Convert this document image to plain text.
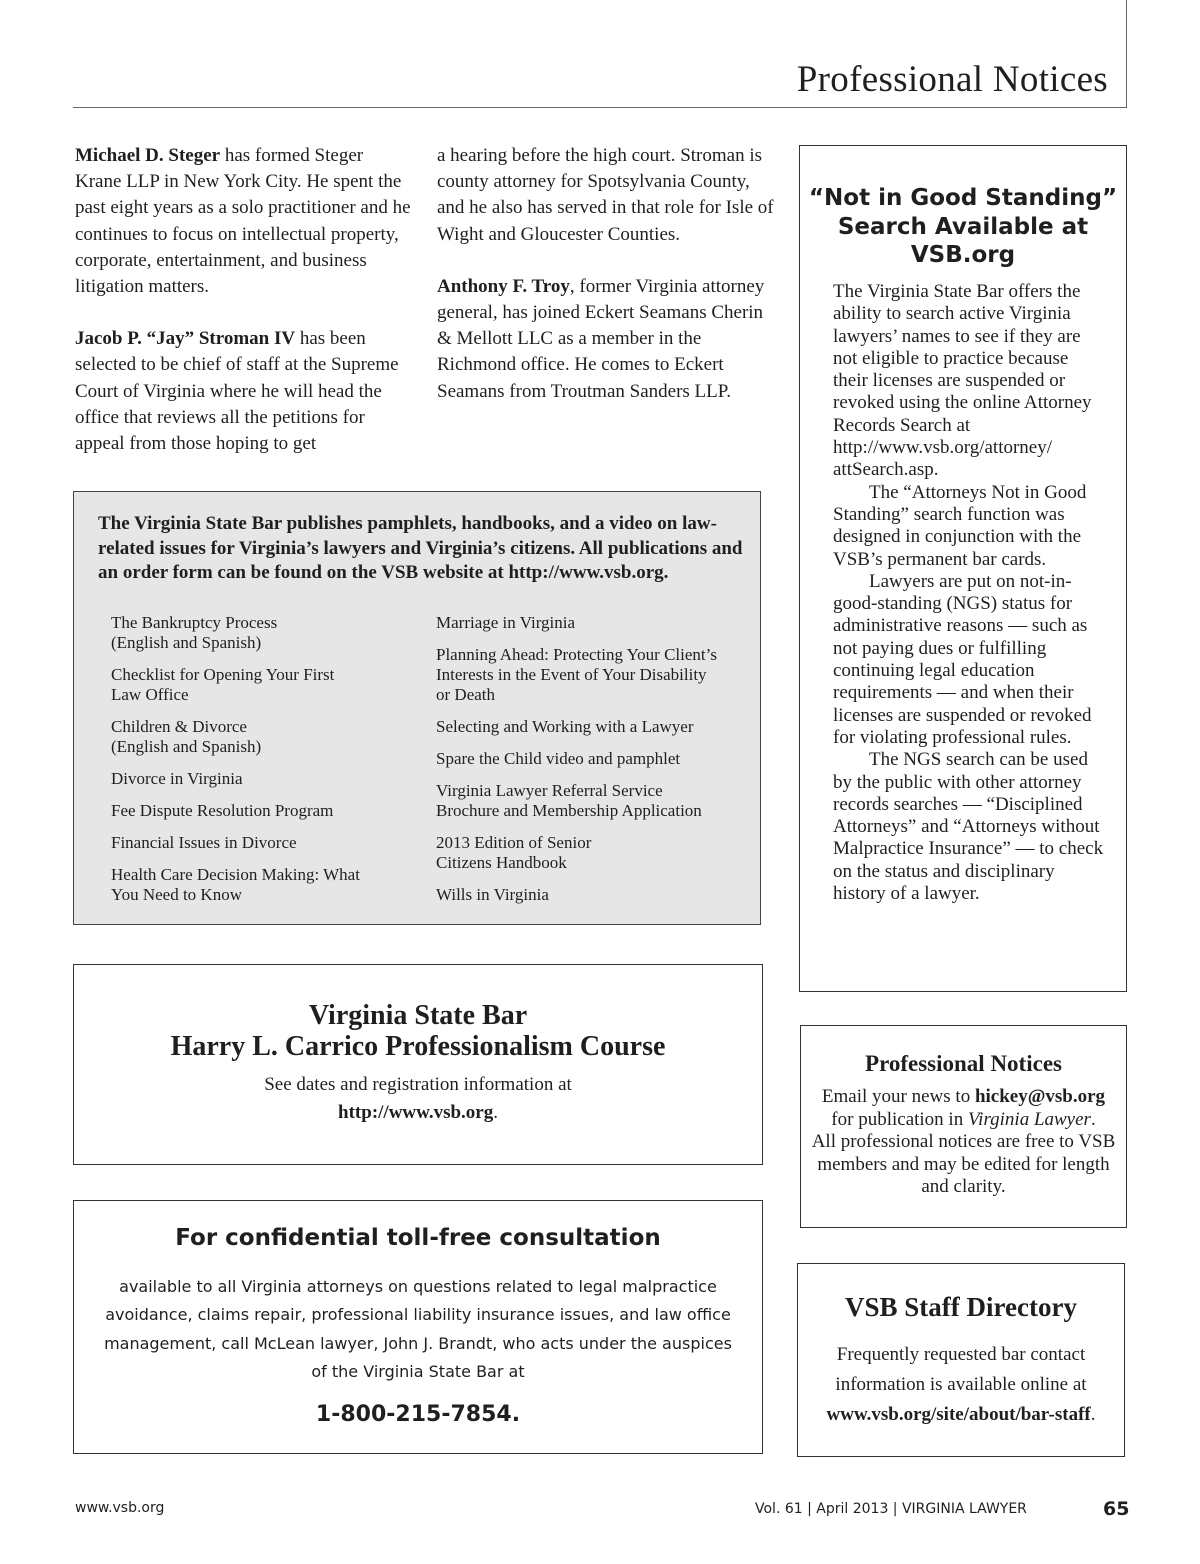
Professional Notices

Michael D. Steger has formed Steger Krane LLP in New York City. He spent the past eight years as a solo practitioner and he continues to focus on intellectual property, corporate, entertainment, and business litigation matters.

Jacob P. “Jay” Stroman IV has been selected to be chief of staff at the Supreme Court of Virginia where he will head the office that reviews all the petitions for appeal from those hoping to get

a hearing before the high court. Stroman is county attorney for Spotsylvania County, and he also has served in that role for Isle of Wight and Gloucester Counties.

Anthony F. Troy, former Virginia attorney general, has joined Eckert Seamans Cherin & Mellott LLC as a member in the Richmond office. He comes to Eckert Seamans from Troutman Sanders LLP.

The Virginia State Bar publishes pamphlets, handbooks, and a video on law-related issues for Virginia’s lawyers and Virginia’s citizens. All publications and an order form can be found on the VSB website at http://www.vsb.org.
The Bankruptcy Process
(English and Spanish)
Checklist for Opening Your First
Law Office
Children & Divorce
(English and Spanish)
Divorce in Virginia
Fee Dispute Resolution Program
Financial Issues in Divorce
Health Care Decision Making: What
You Need to Know
Marriage in Virginia
Planning Ahead: Protecting Your Client’s
Interests in the Event of Your Disability
or Death
Selecting and Working with a Lawyer
Spare the Child video and pamphlet
Virginia Lawyer Referral Service
Brochure and Membership Application
2013 Edition of Senior
Citizens Handbook
Wills in Virginia
Virginia State Bar
Harry L. Carrico Professionalism Course
See dates and registration information at
http://www.vsb.org.
For confidential toll-free consultation
available to all Virginia attorneys on questions related to legal malpractice avoidance, claims repair, professional liability insurance issues, and law office management, call McLean lawyer, John J. Brandt, who acts under the auspices of the Virginia State Bar at
1-800-215-7854.
“Not in Good Standing” Search Available at VSB.org

The Virginia State Bar offers the ability to search active Virginia lawyers’ names to see if they are not eligible to practice because their licenses are suspended or revoked using the online Attorney Records Search at http://www.vsb.org/attorney/ attSearch.asp.

The “Attorneys Not in Good Standing” search function was designed in conjunction with the VSB’s permanent bar cards.

Lawyers are put on not-in-good-standing (NGS) status for administrative reasons — such as not paying dues or fulfilling continuing legal education requirements — and when their licenses are suspended or revoked for violating professional rules.

The NGS search can be used by the public with other attorney records searches — “Disciplined Attorneys” and “Attorneys without Malpractice Insurance” — to check on the status and disciplinary history of a lawyer.

Professional Notices
Email your news to hickey@vsb.org
for publication in Virginia Lawyer.
All professional notices are free to VSB members and may be edited for length and clarity.
VSB Staff Directory
Frequently requested bar contact information is available online at
www.vsb.org/site/about/bar-staff.
www.vsb.org	Vol. 61 | April 2013 | VIRGINIA LAWYER	65
